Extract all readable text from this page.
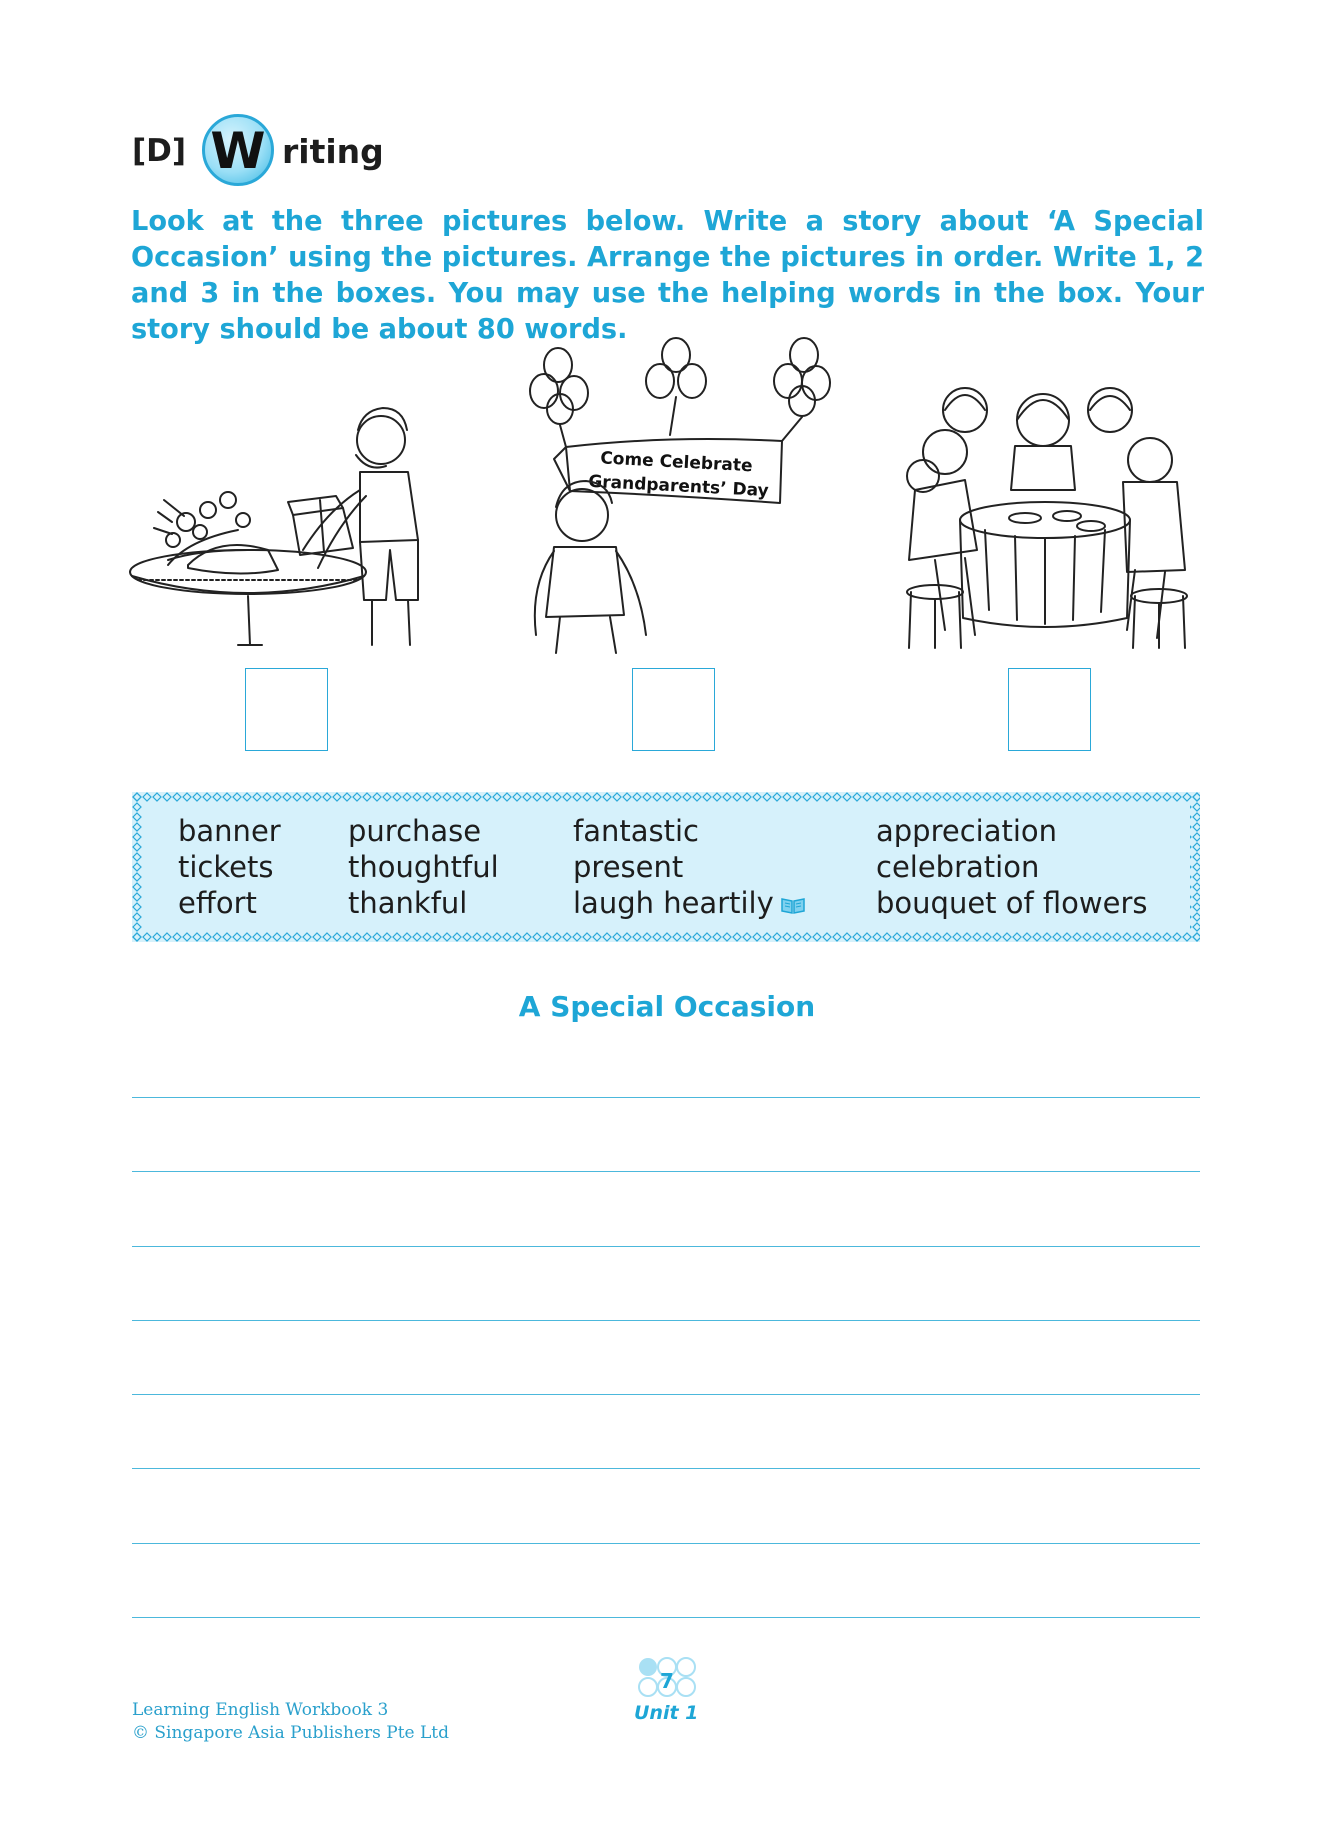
[D] W riting
Look at the three pictures below. Write a story about ‘A Special Occasion’ using the pictures. Arrange the pictures in order. Write 1, 2 and 3 in the boxes. You may use the helping words in the box. Your story should be about 80 words.
Come Celebrate
Grandparents’ Day
banner
tickets
effort
purchase
thoughtful
thankful
fantastic
present
laugh heartily
appreciation
celebration
bouquet of flowers
A Special Occasion
Learning English Workbook 3
© Singapore Asia Publishers Pte Ltd
7
Unit 1
